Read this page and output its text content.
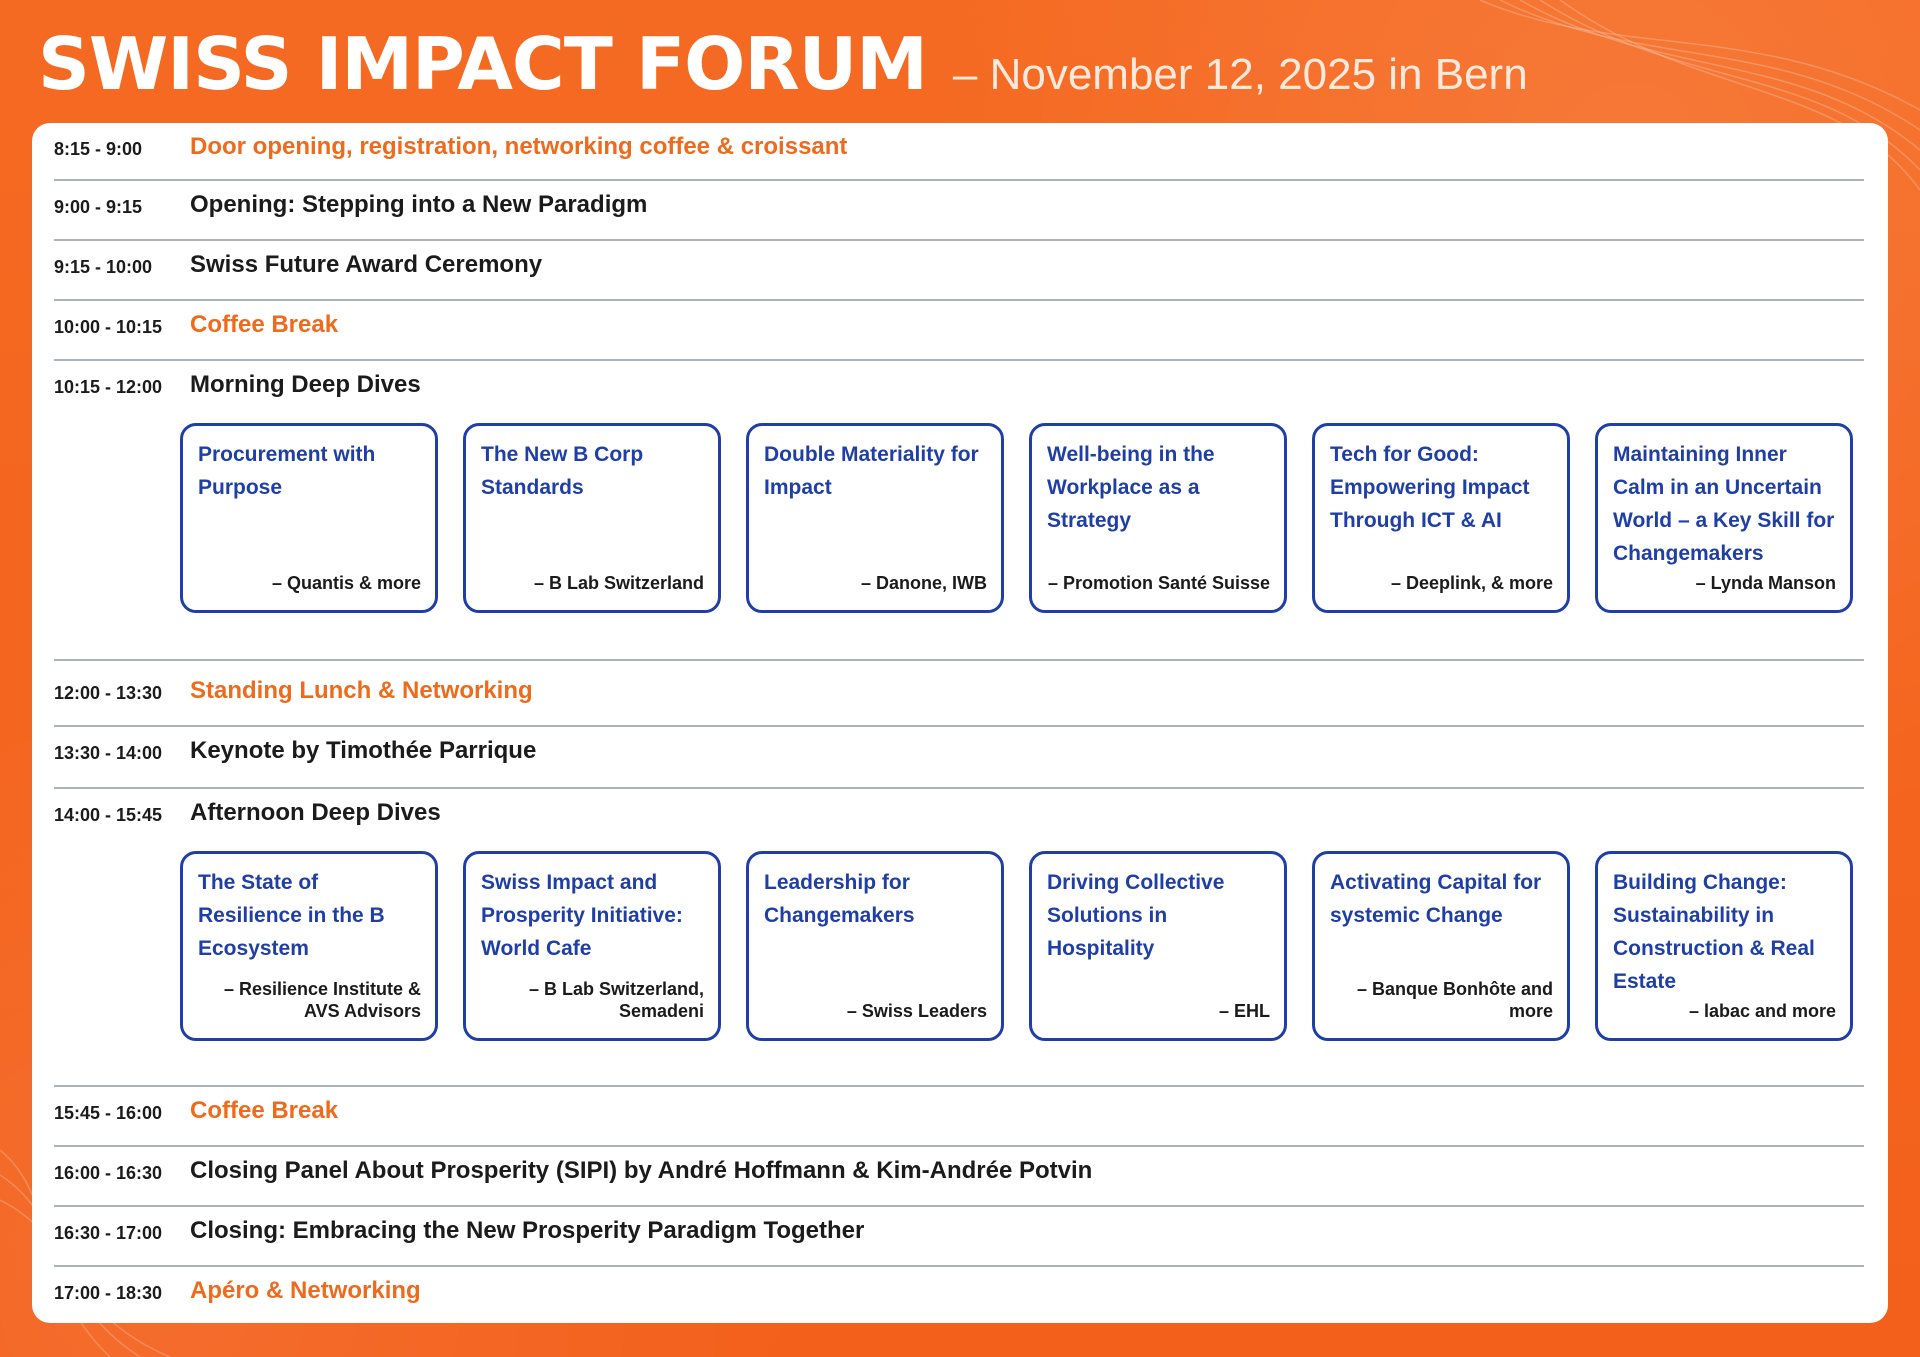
SWISS IMPACT FORUM – November 12, 2025 in Bern
8:15 - 9:00	Door opening, registration, networking coffee & croissant
9:00 - 9:15	Opening: Stepping into a New Paradigm
9:15 - 10:00	Swiss Future Award Ceremony
10:00 - 10:15	Coffee Break
10:15 - 12:00	Morning Deep Dives
Procurement with Purpose
– Quantis & more
The New B Corp Standards
– B Lab Switzerland
Double Materiality for Impact
– Danone, IWB
Well-being in the Workplace as a Strategy
– Promotion Santé Suisse
Tech for Good: Empowering Impact Through ICT & AI
– Deeplink, & more
Maintaining Inner Calm in an Uncertain World – a Key Skill for Changemakers
– Lynda Manson
12:00 - 13:30	Standing Lunch & Networking
13:30 - 14:00	Keynote by Timothée Parrique
14:00 - 15:45	Afternoon Deep Dives
The State of Resilience in the B Ecosystem
– Resilience Institute & AVS Advisors
Swiss Impact and Prosperity Initiative: World Cafe
– B Lab Switzerland, Semadeni
Leadership for Changemakers
– Swiss Leaders
Driving Collective Solutions in Hospitality
– EHL
Activating Capital for systemic Change
– Banque Bonhôte and more
Building Change: Sustainability in Construction & Real Estate
– labac and more
15:45 - 16:00	Coffee Break
16:00 - 16:30	Closing Panel About Prosperity (SIPI) by André Hoffmann & Kim-Andrée Potvin
16:30 - 17:00	Closing: Embracing the New Prosperity Paradigm Together
17:00 - 18:30	Apéro & Networking
